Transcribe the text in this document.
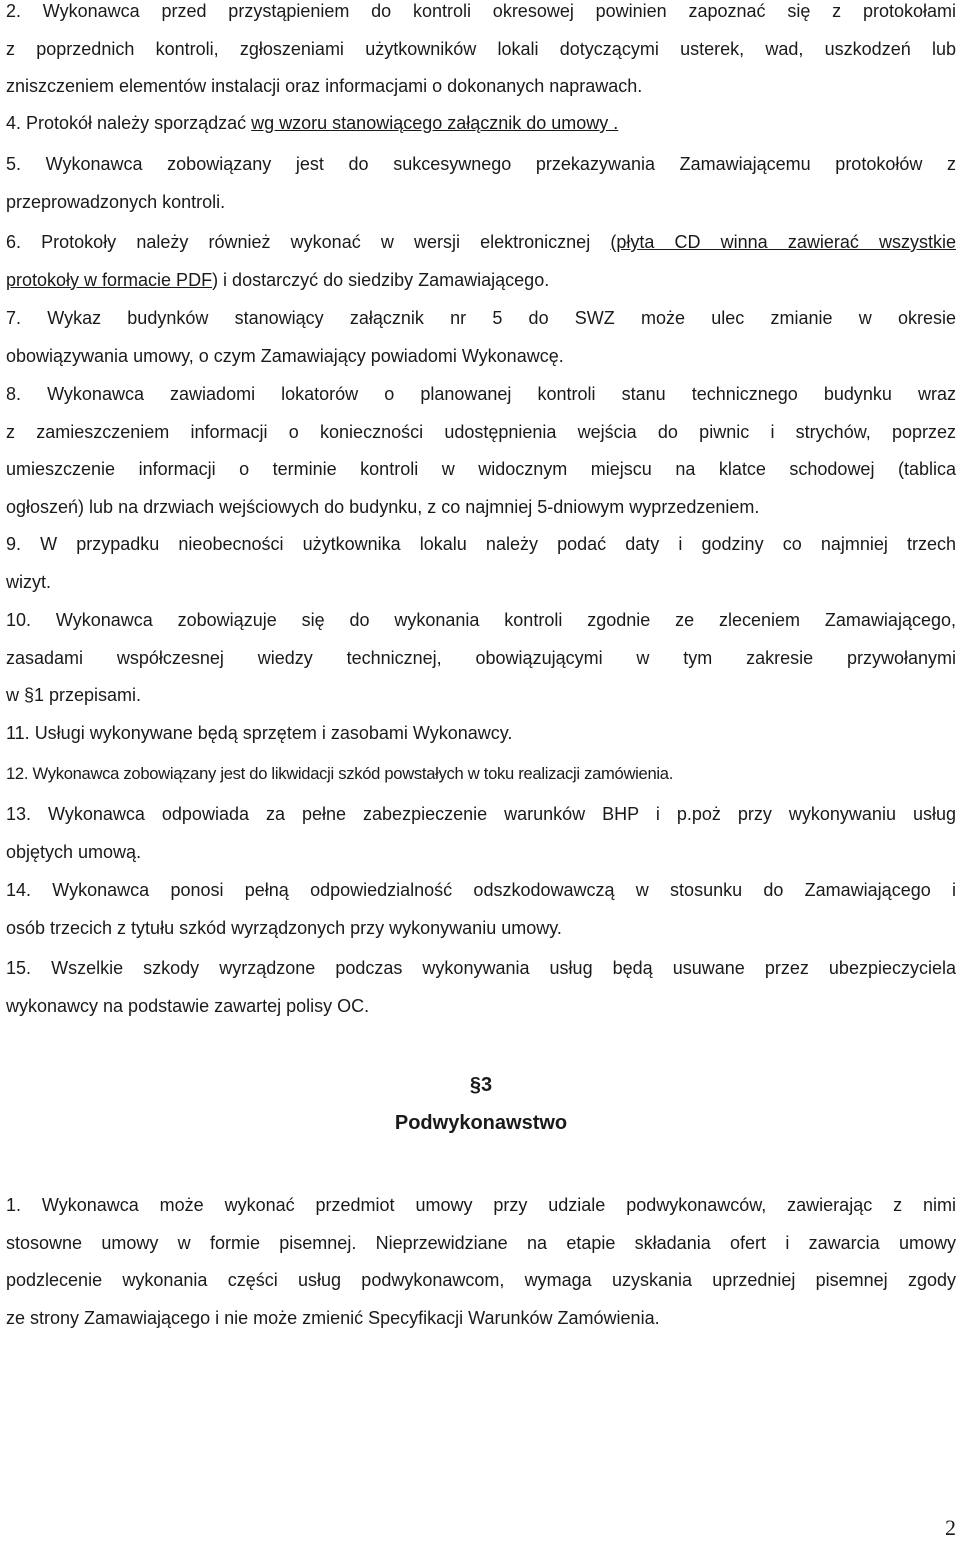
2. Wykonawca przed przystąpieniem do kontroli okresowej powinien zapoznać się z protokołami
z poprzednich kontroli, zgłoszeniami użytkowników lokali dotyczącymi usterek, wad, uszkodzeń lub
zniszczeniem elementów instalacji oraz informacjami o dokonanych naprawach.
4. Protokół należy sporządzać wg wzoru stanowiącego załącznik do umowy .
5. Wykonawca zobowiązany jest do sukcesywnego przekazywania Zamawiającemu protokołów z
przeprowadzonych kontroli.
6. Protokoły należy również wykonać w wersji elektronicznej (płyta CD winna zawierać wszystkie
protokoły w formacie PDF) i dostarczyć do siedziby Zamawiającego.
7. Wykaz budynków stanowiący załącznik nr 5 do SWZ może ulec zmianie w okresie
obowiązywania umowy, o czym Zamawiający powiadomi Wykonawcę.
8. Wykonawca zawiadomi lokatorów o planowanej kontroli stanu technicznego budynku wraz
z zamieszczeniem informacji o konieczności udostępnienia wejścia do piwnic i strychów, poprzez
umieszczenie informacji o terminie kontroli w widocznym miejscu na klatce schodowej (tablica
ogłoszeń) lub na drzwiach wejściowych do budynku, z co najmniej 5-dniowym wyprzedzeniem.
9. W przypadku nieobecności użytkownika lokalu należy podać daty i godziny co najmniej trzech
wizyt.
10. Wykonawca zobowiązuje się do wykonania kontroli zgodnie ze zleceniem Zamawiającego,
zasadami współczesnej wiedzy technicznej, obowiązującymi w tym zakresie przywołanymi
w §1 przepisami.
11. Usługi wykonywane będą sprzętem i zasobami Wykonawcy.
12. Wykonawca zobowiązany jest do likwidacji szkód powstałych w toku realizacji zamówienia.
13. Wykonawca odpowiada za pełne zabezpieczenie warunków BHP i p.poż przy wykonywaniu usług
objętych umową.
14. Wykonawca ponosi pełną odpowiedzialność odszkodowawczą w stosunku do Zamawiającego i
osób trzecich z tytułu szkód wyrządzonych przy wykonywaniu umowy.
15. Wszelkie szkody wyrządzone podczas wykonywania usług będą usuwane przez ubezpieczyciela
wykonawcy na podstawie zawartej polisy OC.
§3
Podwykonawstwo
1. Wykonawca może wykonać przedmiot umowy przy udziale podwykonawców, zawierając z nimi
stosowne umowy w formie pisemnej. Nieprzewidziane na etapie składania ofert i zawarcia umowy
podzlecenie wykonania części usług podwykonawcom, wymaga uzyskania uprzedniej pisemnej zgody
ze strony Zamawiającego i nie może zmienić Specyfikacji Warunków Zamówienia.
2
